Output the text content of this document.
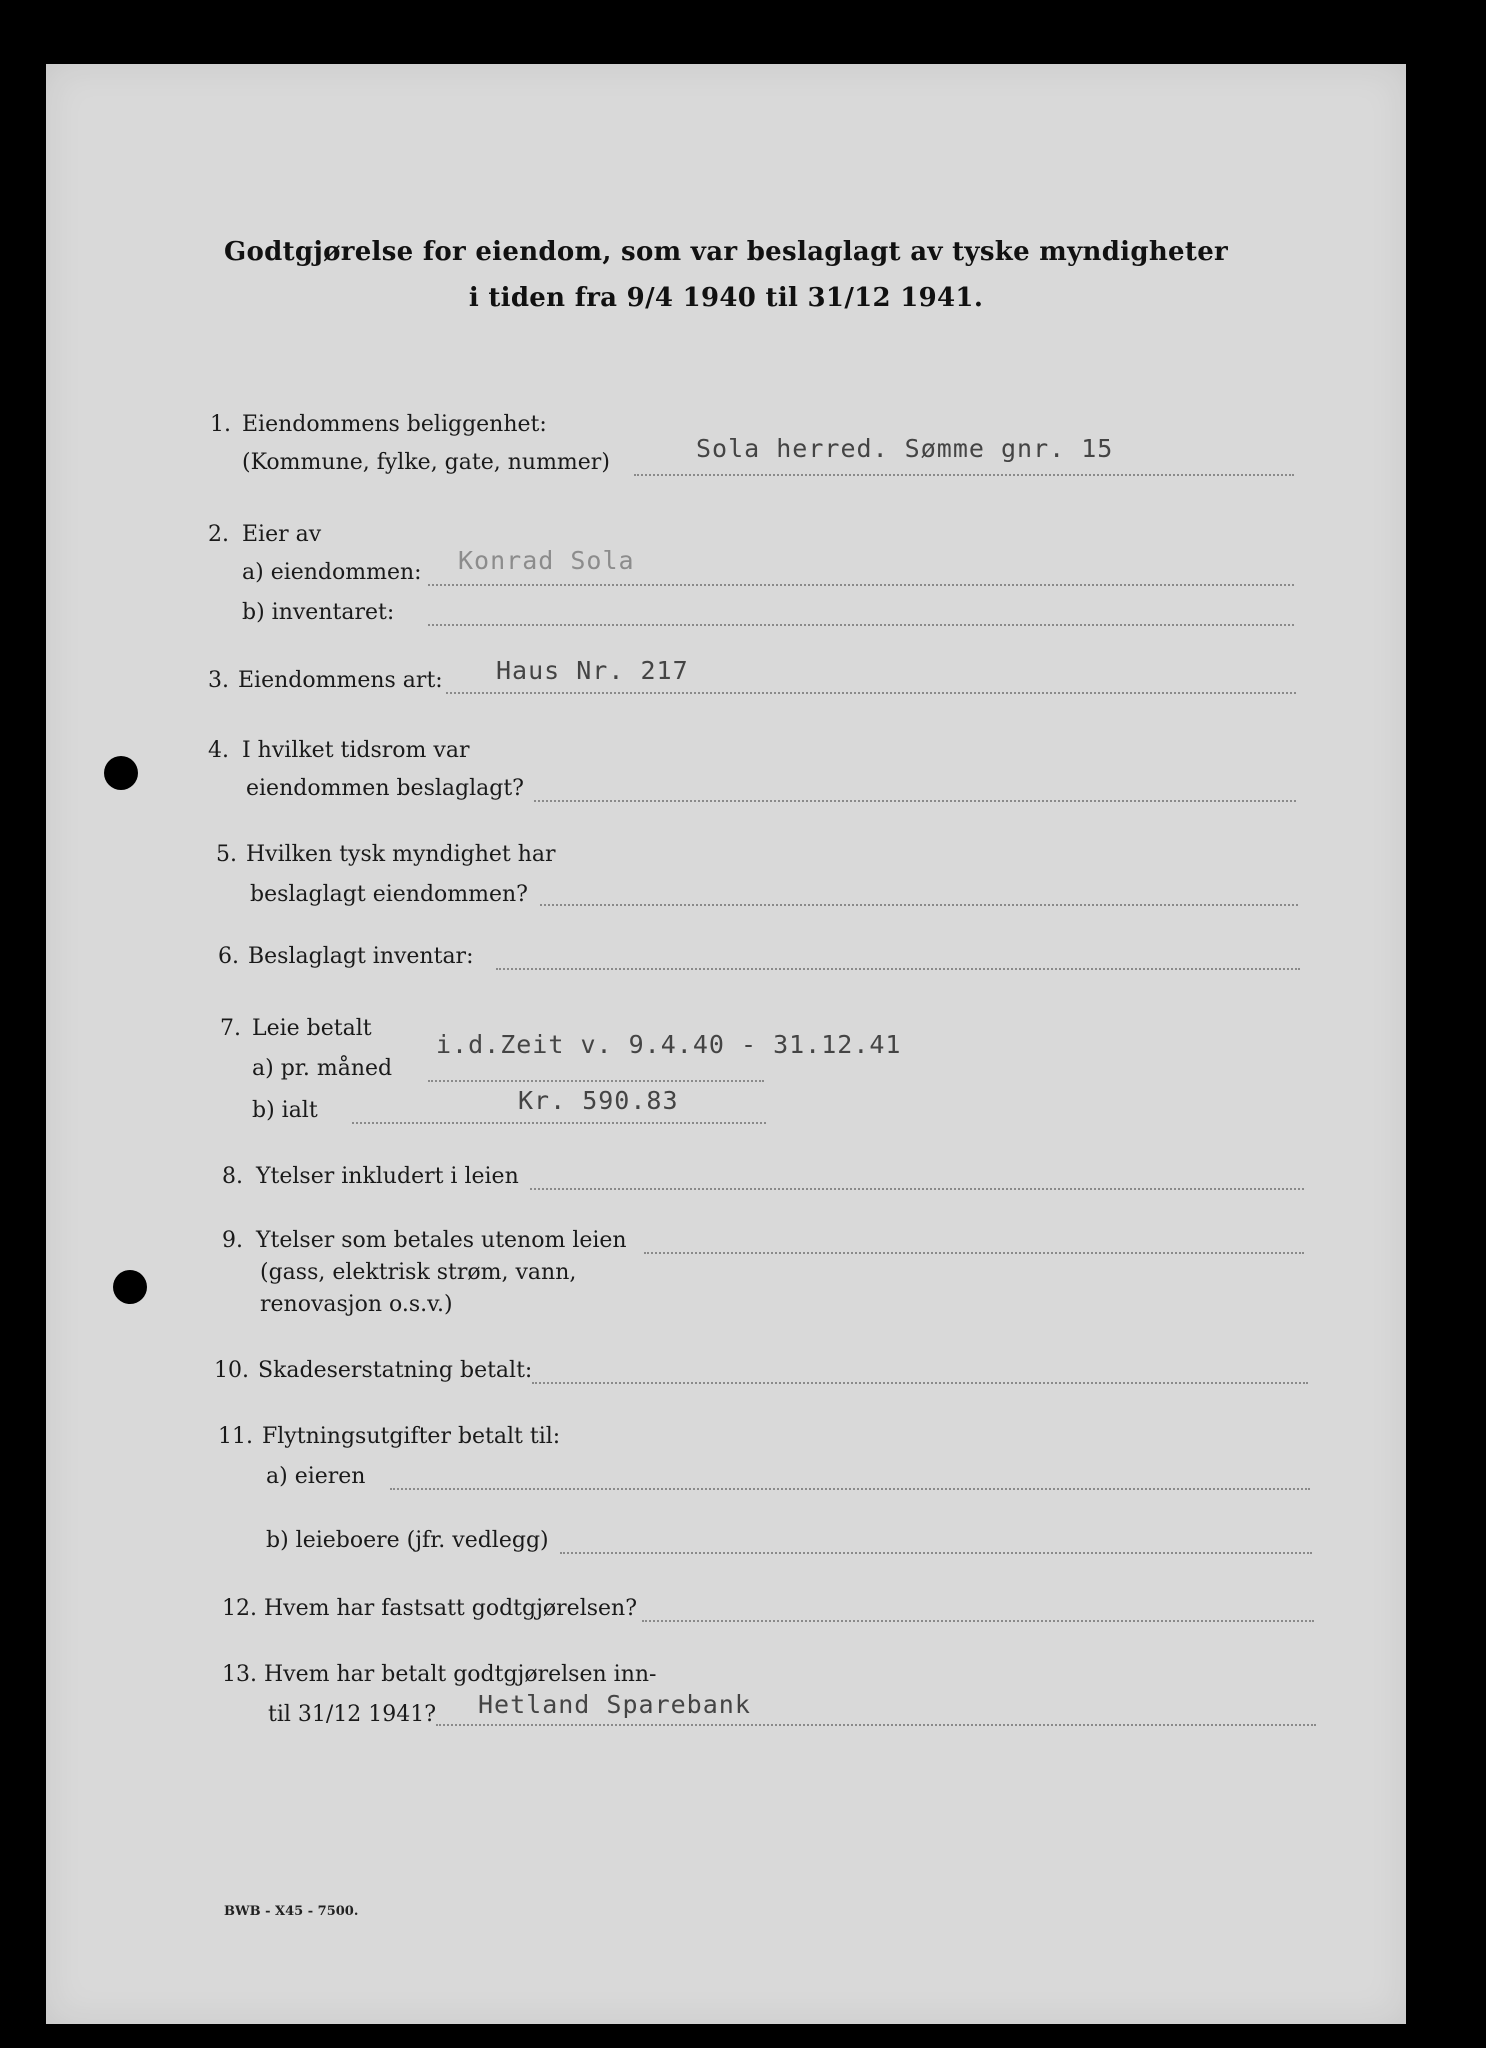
Godtgjørelse for eiendom, som var beslaglagt av tyske myndigheter
i tiden fra 9/4 1940 til 31/12 1941.
1. Eiendommens beliggenhet:
(Kommune, fylke, gate, nummer)	Sola herred. Sømme gnr. 15
2. Eier av
a) eiendommen: Konrad Sola
b) inventaret:
3. Eiendommens art: Haus Nr. 217
4. I hvilket tidsrom var
eiendommen beslaglagt?
5. Hvilken tysk myndighet har
beslaglagt eiendommen?
6. Beslaglagt inventar:
7. Leie betalt
a) pr. måned
i.d.Zeit v. 9.4.40 - 31.12.41
b) ialt	Kr. 590.83
8. Ytelser inkludert i leien
9. Ytelser som betales utenom leien
(gass, elektrisk strøm, vann,
renovasjon o.s.v.)
10. Skadeserstatning betalt:
11. Flytningsutgifter betalt til:
a) eieren
b) leieboere (jfr. vedlegg)
12. Hvem har fastsatt godtgjørelsen?
13. Hvem har betalt godtgjørelsen inn-
til 31/12 1941? Hetland Sparebank
BWB - X45 - 7500.
